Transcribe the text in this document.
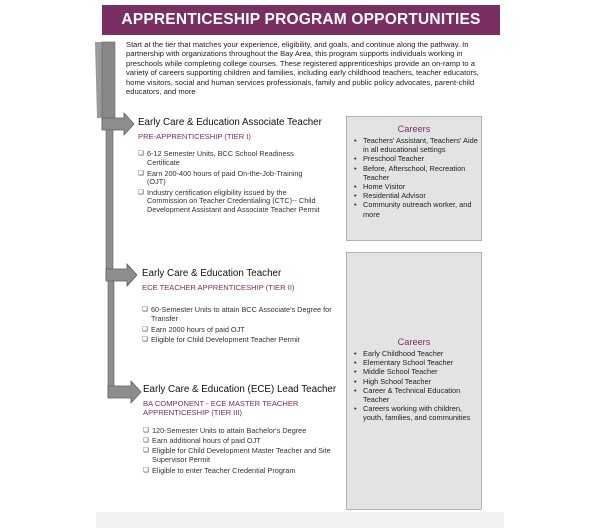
APPRENTICESHIP PROGRAM OPPORTUNITIES
Start at the tier that matches your experience, eligibility, and goals, and continue along the pathway. In partnership with organizations throughout the Bay Area, this program supports individuals working in preschools while completing college courses. These registered apprenticeships provide an on-ramp to a variety of careers supporting children and families, including early childhood teachers, teacher educators, home visitors, social and human services professionals, family and public policy advocates, parent-child educators, and more
Early Care & Education Associate Teacher
PRE-APPRENTICESHIP (TIER I)
❏ 6-12 Semester Units, BCC School Readiness Certificate
❏ Earn 200-400 hours of paid On-the-Job-Training (OJT)
❏ Industry certification eligibility issued by the Commission on Teacher Credentialing (CTC)-- Child Development Assistant and Associate Teacher Permit
Early Care & Education Teacher
ECE TEACHER APPRENTICESHIP (TIER II)
❏ 60-Semester Units to attain BCC Associate's Degree for Transfer
❏ Earn 2000 hours of paid OJT
❏ Eligible for Child Development Teacher Permit
Early Care & Education (ECE) Lead Teacher
BA COMPONENT - ECE MASTER TEACHER APPRENTICESHIP (TIER III)
❏ 120-Semester Units to attain Bachelor's Degree
❏ Earn additional hours of paid OJT
❏ Eligible for Child Development Master Teacher and Site Supervisor Permit
❏ Eligible to enter Teacher Credential Program
Careers
• Teachers' Assistant, Teachers' Aide in all educational settings
• Preschool Teacher
• Before, Afterschool, Recreation Teacher
• Home Visitor
• Residential Advisor
• Community outreach worker, and more
Careers
• Early Childhood Teacher
• Elementary School Teacher
• Middle School Teacher
• High School Teacher
• Career & Technical Education Teacher
• Careers working with children, youth, families, and communities
